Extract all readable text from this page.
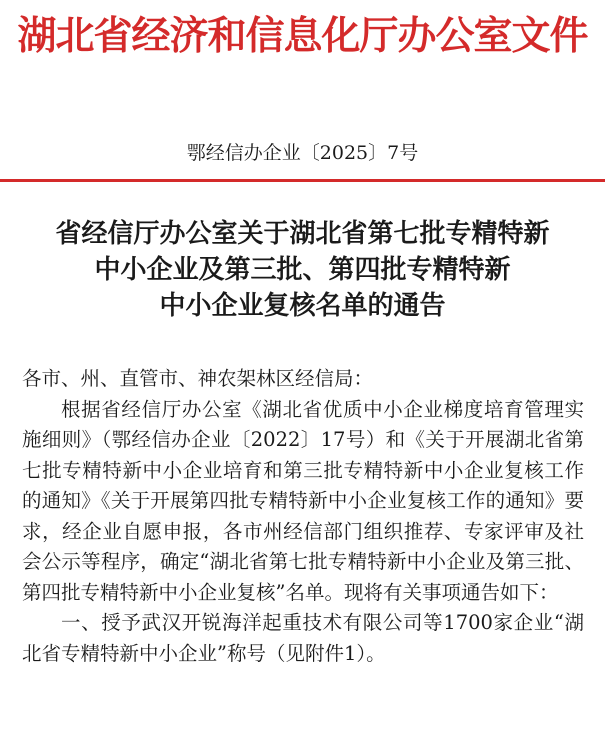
湖北省经济和信息化厅办公室文件
鄂经信办企业〔2025〕7号
省经信厅办公室关于湖北省第七批专精特新
中小企业及第三批、第四批专精特新
中小企业复核名单的通告

各市、州、直管市、神农架林区经信局：

根据省经信厅办公室《湖北省优质中小企业梯度培育管理实施细则》（鄂经信办企业〔2022〕17号）和《关于开展湖北省第七批专精特新中小企业培育和第三批专精特新中小企业复核工作的通知》《关于开展第四批专精特新中小企业复核工作的通知》要求，经企业自愿申报，各市州经信部门组织推荐、专家评审及社会公示等程序，确定“湖北省第七批专精特新中小企业及第三批、第四批专精特新中小企业复核”名单。现将有关事项通告如下：

一、授予武汉开锐海洋起重技术有限公司等1700家企业“湖北省专精特新中小企业”称号（见附件1）。
